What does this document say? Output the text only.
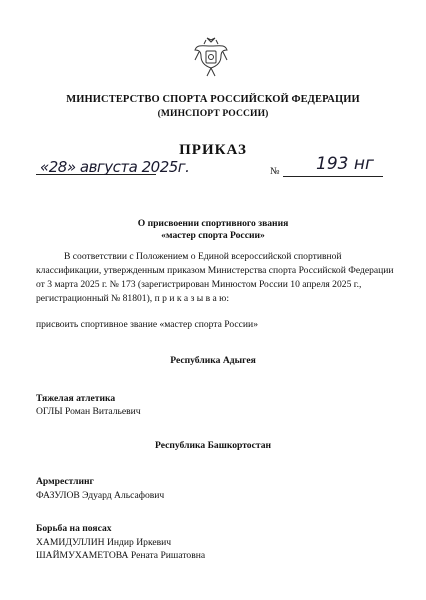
МИНИСТЕРСТВО СПОРТА РОССИЙСКОЙ ФЕДЕРАЦИИ
(МИНСПОРТ РОССИИ)
ПРИКАЗ
«28» августа 2025г.	№ 193 нг
О присвоении спортивного звания
«мастер спорта России»
В соответствии с Положением о Единой всероссийской спортивной
классификации, утвержденным приказом Министерства спорта Российской Федерации
от 3 марта 2025 г. № 173 (зарегистрирован Минюстом России 10 апреля 2025 г.,
регистрационный № 81801), п р и к а з ы в а ю:
присвоить спортивное звание «мастер спорта России»
Республика Адыгея
Тяжелая атлетика
ОГЛЫ Роман Витальевич
Республика Башкортостан
Армрестлинг
ФАЗУЛОВ Эдуард Альсафович
Борьба на поясах
ХАМИДУЛЛИН Индир Иркевич
ШАЙМУХАМЕТОВА Рената Ришатовна
